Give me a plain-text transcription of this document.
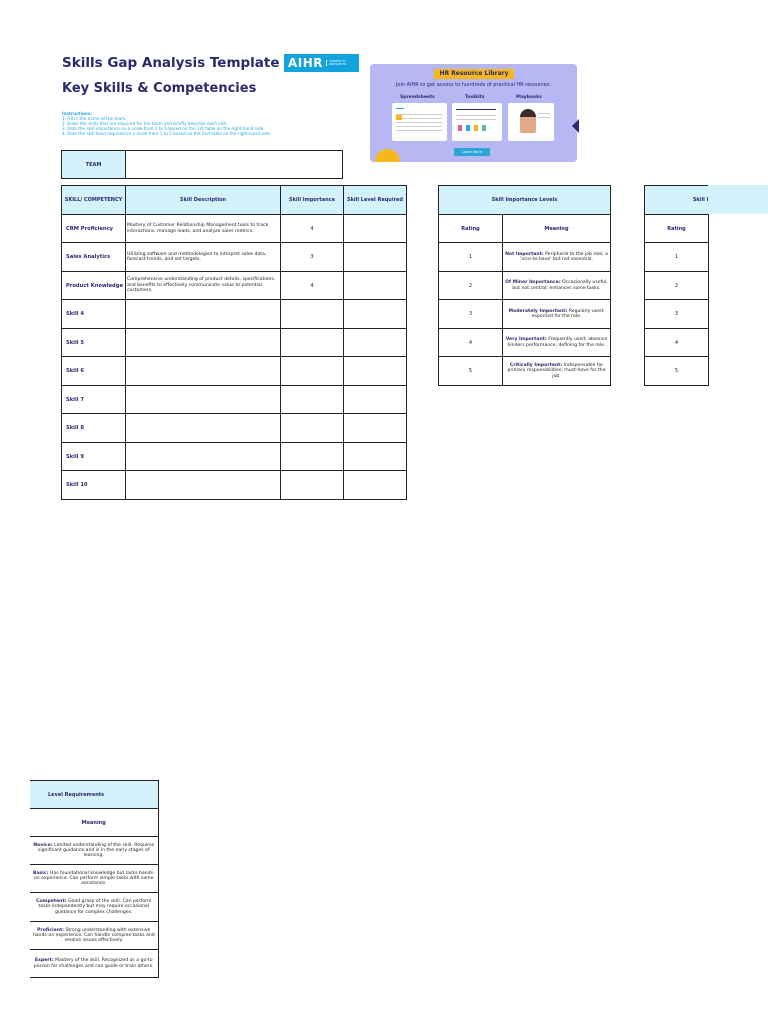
Skills Gap Analysis Template AIHR	ACADEMY TO INNOVATE HR
Key Skills & Competencies
Instructions:
1. Fill in the name of the team.
2. Enter the skills that are required for the team and briefly describe each skill.
3. Rate the skill importance on a scale from 1 to 5 based on the 1st table on the right-hand side.
4. Rate the skill level required on a scale from 1 to 5 based on the 2nd table on the right-hand side.
HR Resource Library
Join AIHR to get access to hundreds of practical HR resources.
Spreadsheets	Toolkits	Playbooks
Learn More
TEAM	
SKILL/ COMPETENCY	Skill Description	Skill Importance	Skill Level Required
CRM Proficiency	Mastery of Customer Relationship Management tools to track interactions, manage leads, and analyze sales metrics.	4	
Sales Analytics	Utilizing software and methodologies to interpret sales data, forecast trends, and set targets.	3	
Product Knowledge	Comprehensive understanding of product details, specifications, and benefits to effectively communicate value to potential customers.	4	
Skill 4			
Skill 5			
Skill 6			
Skill 7			
Skill 8			
Skill 9			
Skill 10			
Skill Importance Levels	
Rating	Meaning
1	Not Important: Peripheral to the job role; a 'nice-to-have' but not essential.
2	Of Minor Importance: Occasionally useful, but not central; enhances some tasks.
3	Moderately Important: Regularly used; expected for the role.
4	Very Important: Frequently used; absence hinders performance; defining for the role.
5	Critically Important: Indispensable for primary responsibilities; must-have for the job.
Skill I
Rating
1
2
3
4
5
Level Requirements
Meaning
Novice: Limited understanding of the skill. Requires significant guidance and is in the early stages of learning.
Basic: Has foundational knowledge but lacks hands-on experience. Can perform simple tasks with some assistance.
Competent: Good grasp of the skill. Can perform tasks independently but may require occasional guidance for complex challenges.
Proficient: Strong understanding with extensive hands-on experience. Can handle complex tasks and resolve issues effectively.
Expert: Mastery of the skill. Recognized as a go-to person for challenges and can guide or train others.
